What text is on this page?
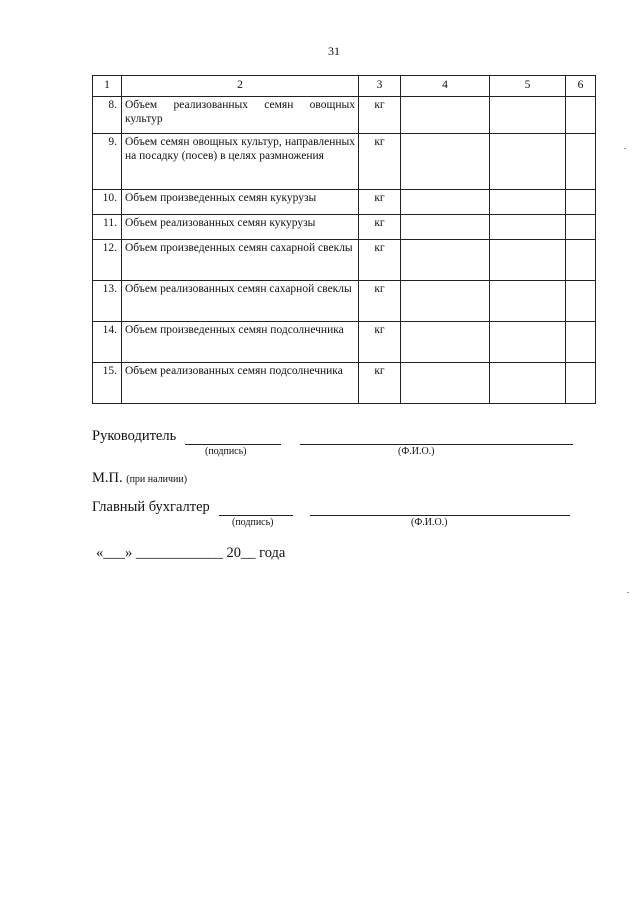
31
1	2	3	4	5	6
8.	Объем реализованных семян овощных культур	кг			
9.	Объем семян овощных культур, направленных на посадку (посев) в целях размножения	кг			
10.	Объем произведенных семян кукурузы	кг			
11.	Объем реализованных семян кукурузы	кг			
12.	Объем произведенных семян сахарной свеклы	кг			
13.	Объем реализованных семян сахарной свеклы	кг			
14.	Объем произведенных семян подсолнечника	кг			
15.	Объем реализованных семян подсолнечника	кг			
Руководитель
(подпись)	(Ф.И.О.)
М.П. (при наличии)
Главный бухгалтер
(подпись)	(Ф.И.О.)
«___» ____________ 20__ года
